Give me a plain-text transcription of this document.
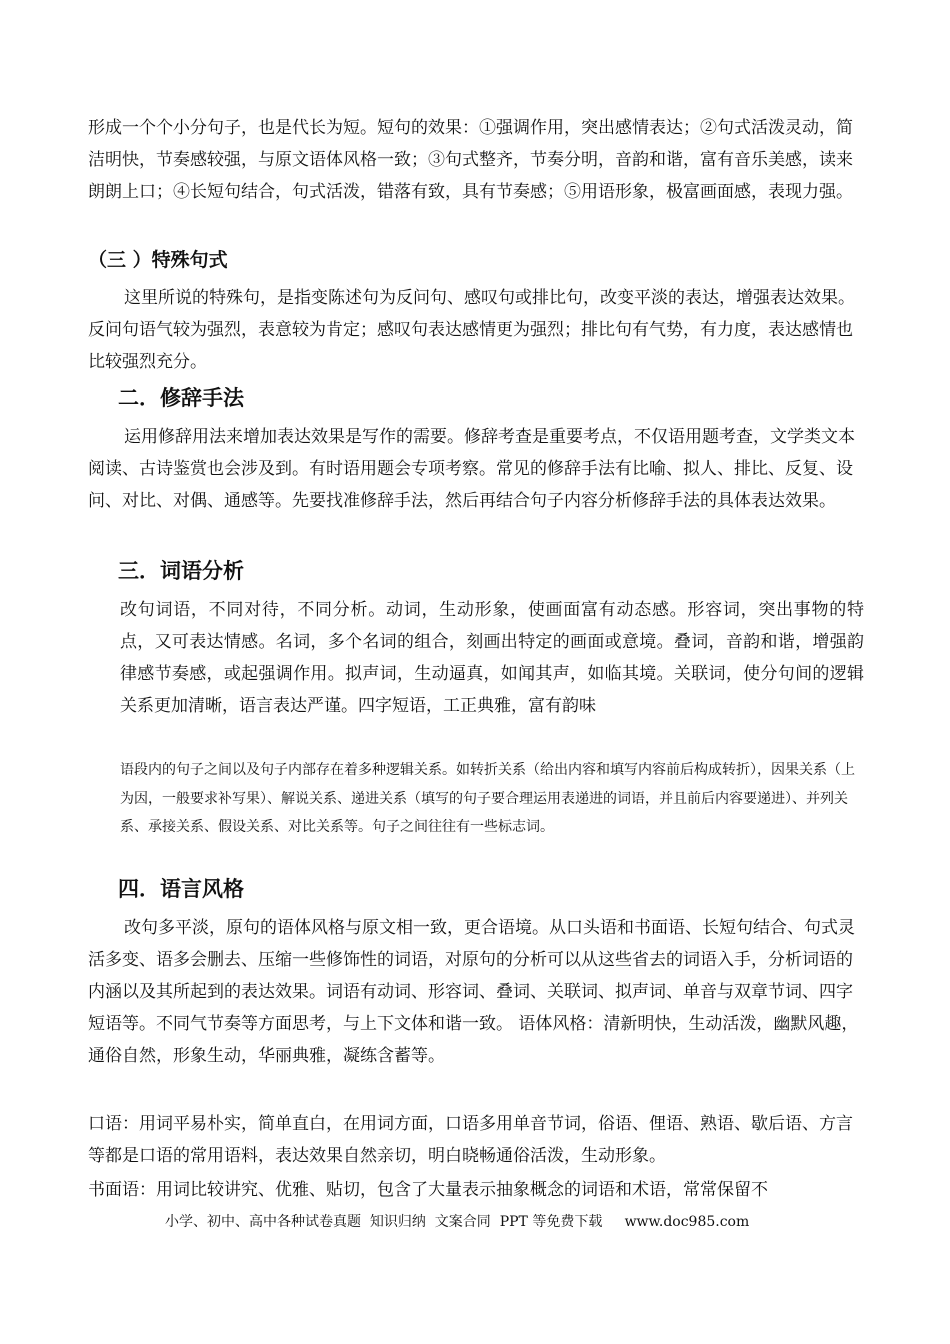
形成一个个小分句子，也是代长为短。短句的效果：①强调作用，突出感情表达；②句式活泼灵动，简洁明快，节奏感较强，与原文语体风格一致；③句式整齐，节奏分明，音韵和谐，富有音乐美感，读来朗朗上口；④长短句结合，句式活泼，错落有致，具有节奏感；⑤用语形象，极富画面感，表现力强。

（三 ）特殊句式

这里所说的特殊句，是指变陈述句为反问句、感叹句或排比句，改变平淡的表达，增强表达效果。反问句语气较为强烈，表意较为肯定；感叹句表达感情更为强烈；排比句有气势，有力度，表达感情也比较强烈充分。

二．修辞手法

运用修辞用法来增加表达效果是写作的需要。修辞考查是重要考点，不仅语用题考查，文学类文本阅读、古诗鉴赏也会涉及到。有时语用题会专项考察。常见的修辞手法有比喻、拟人、排比、反复、设问、对比、对偶、通感等。先要找准修辞手法，然后再结合句子内容分析修辞手法的具体表达效果。

三．词语分析

改句词语，不同对待，不同分析。动词，生动形象，使画面富有动态感。形容词，突出事物的特点，又可表达情感。名词，多个名词的组合，刻画出特定的画面或意境。叠词，音韵和谐，增强韵律感节奏感，或起强调作用。拟声词，生动逼真，如闻其声，如临其境。关联词，使分句间的逻辑关系更加清晰，语言表达严谨。四字短语，工正典雅，富有韵味

语段内的句子之间以及句子内部存在着多种逻辑关系。如转折关系（给出内容和填写内容前后构成转折），因果关系（上为因，一般要求补写果）、解说关系、递进关系（填写的句子要合理运用表递进的词语，并且前后内容要递进）、并列关系、承接关系、假设关系、对比关系等。句子之间往往有一些标志词。

四．语言风格

改句多平淡，原句的语体风格与原文相一致，更合语境。从口头语和书面语、长短句结合、句式灵活多变、语多会删去、压缩一些修饰性的词语，对原句的分析可以从这些省去的词语入手，分析词语的内涵以及其所起到的表达效果。词语有动词、形容词、叠词、关联词、拟声词、单音与双章节词、四字短语等。不同气节奏等方面思考，与上下文体和谐一致。 语体风格：清新明快，生动活泼，幽默风趣，通俗自然，形象生动，华丽典雅，凝练含蓄等。

口语：用词平易朴实，简单直白，在用词方面，口语多用单音节词，俗语、俚语、熟语、歇后语、方言等都是口语的常用语料，表达效果自然亲切，明白晓畅通俗活泼，生动形象。

书面语：用词比较讲究、优雅、贴切，包含了大量表示抽象概念的词语和术语，常常保留不

小学、初中、高中各种试卷真题  知识归纳  文案合同  PPT 等免费下载     www.doc985.com
